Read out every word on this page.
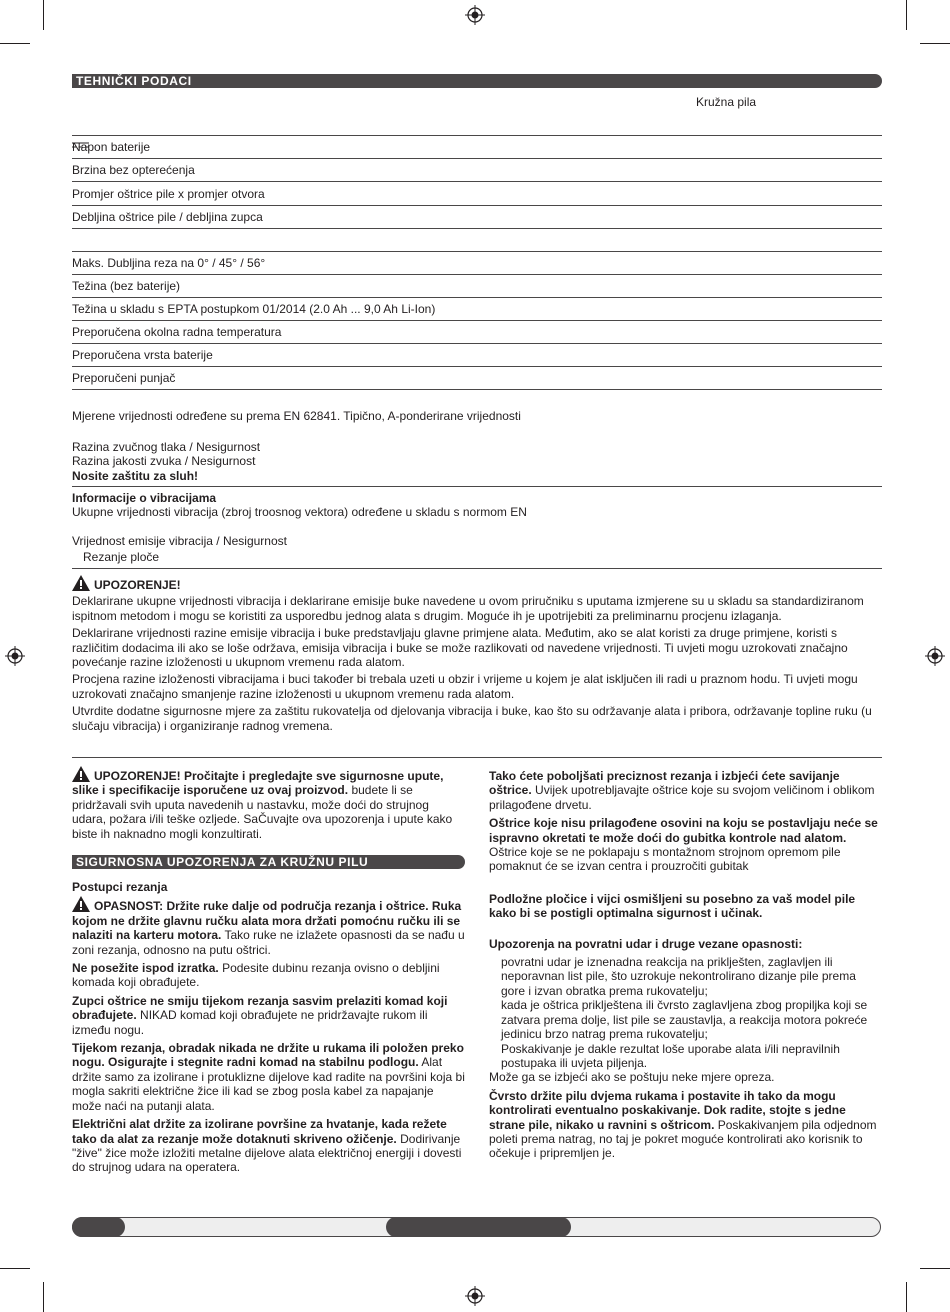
TEHNIČKI PODACI
Kružna pila
Napon baterije
Brzina bez opterećenja
Promjer oštrice pile x promjer otvora
Debljina oštrice pile / debljina zupca
Maks. Dubljina reza na 0° / 45° / 56°
Težina (bez baterije)
Težina u skladu s EPTA postupkom 01/2014 (2.0 Ah ... 9,0 Ah Li-Ion)
Preporučena okolna radna temperatura
Preporučena vrsta baterije
Preporučeni punjač
Mjerene vrijednosti određene su prema EN 62841. Tipično, A-ponderirane vrijednosti
Razina zvučnog tlaka / Nesigurnost
Razina jakosti zvuka / Nesigurnost
Nosite zaštitu za sluh!
Informacije o vibracijama
Ukupne vrijednosti vibracija (zbroj troosnog vektora) određene u skladu s normom EN
Vrijednost emisije vibracija / Nesigurnost
Rezanje ploče

UPOZORENJE!

Deklarirane ukupne vrijednosti vibracija i deklarirane emisije buke navedene u ovom priručniku s uputama izmjerene su u skladu sa standardiziranom ispitnom metodom i mogu se koristiti za usporedbu jednog alata s drugim. Moguće ih je upotrijebiti za preliminarnu procjenu izlaganja.

Deklarirane vrijednosti razine emisije vibracija i buke predstavljaju glavne primjene alata. Međutim, ako se alat koristi za druge primjene, koristi s različitim dodacima ili ako se loše održava, emisija vibracija i buke se može razlikovati od navedene vrijednosti. Ti uvjeti mogu uzrokovati značajno povećanje razine izloženosti u ukupnom vremenu rada alatom.

Procjena razine izloženosti vibracijama i buci također bi trebala uzeti u obzir i vrijeme u kojem je alat isključen ili radi u praznom hodu. Ti uvjeti mogu uzrokovati značajno smanjenje razine izloženosti u ukupnom vremenu rada alatom.

Utvrdite dodatne sigurnosne mjere za zaštitu rukovatelja od djelovanja vibracija i buke, kao što su održavanje alata i pribora, održavanje topline ruku (u slučaju vibracija) i organiziranje radnog vremena.

UPOZORENJE! Pročitajte i pregledajte sve sigurnosne upute, slike i specifikacije isporučene uz ovaj proizvod. budete li se pridržavali svih uputa navedenih u nastavku, može doći do strujnog udara, požara i/ili teške ozljede. SaČuvajte ova upozorenja i upute kako biste ih naknadno mogli konzultirati.

SIGURNOSNA UPOZORENJA ZA KRUŽNU PILU

Postupci rezanja

OPASNOST: Držite ruke dalje od područja rezanja i oštrice. Ruka kojom ne držite glavnu ručku alata mora držati pomoćnu ručku ili se nalaziti na karteru motora. Tako ruke ne izlažete opasnosti da se nađu u zoni rezanja, odnosno na putu oštrici.

Ne posežite ispod izratka. Podesite dubinu rezanja ovisno o debljini komada koji obrađujete.

Zupci oštrice ne smiju tijekom rezanja sasvim prelaziti komad koji obrađujete. NIKAD komad koji obrađujete ne pridržavajte rukom ili između nogu.

Tijekom rezanja, obradak nikada ne držite u rukama ili položen preko nogu. Osigurajte i stegnite radni komad na stabilnu podlogu. Alat držite samo za izolirane i protuklizne dijelove kad radite na površini koja bi mogla sakriti električne žice ili kad se zbog posla kabel za napajanje može naći na putanji alata.

Električni alat držite za izolirane površine za hvatanje, kada režete tako da alat za rezanje može dotaknuti skriveno ožičenje. Dodirivanje "žive" žice može izložiti metalne dijelove alata električnoj energiji i dovesti do strujnog udara na operatera.

Tako ćete poboljšati preciznost rezanja i izbjeći ćete savijanje oštrice. Uvijek upotrebljavajte oštrice koje su svojom veličinom i oblikom prilagođene drvetu.

Oštrice koje nisu prilagođene osovini na koju se postavljaju neće se ispravno okretati te može doći do gubitka kontrole nad alatom. Oštrice koje se ne poklapaju s montažnom strojnom opremom pile pomaknut će se izvan centra i prouzročiti gubitak

Podložne pločice i vijci osmišljeni su posebno za vaš model pile kako bi se postigli optimalna sigurnost i učinak.

Upozorenja na povratni udar i druge vezane opasnosti:

povratni udar je iznenadna reakcija na priklješten, zaglavljen ili neporavnan list pile, što uzrokuje nekontrolirano dizanje pile prema gore i izvan obratka prema rukovatelju;

kada je oštrica priklještena ili čvrsto zaglavljena zbog propiljka koji se zatvara prema dolje, list pile se zaustavlja, a reakcija motora pokreće jedinicu brzo natrag prema rukovatelju;

Poskakivanje je dakle rezultat loše uporabe alata i/ili nepravilnih postupaka ili uvjeta piljenja.

Može ga se izbjeći ako se poštuju neke mjere opreza.

Čvrsto držite pilu dvjema rukama i postavite ih tako da mogu kontrolirati eventualno poskakivanje. Dok radite, stojte s jedne strane pile, nikako u ravnini s oštricom. Poskakivanjem pila odjednom poleti prema natrag, no taj je pokret moguće kontrolirati ako korisnik to očekuje i pripremljen je.
